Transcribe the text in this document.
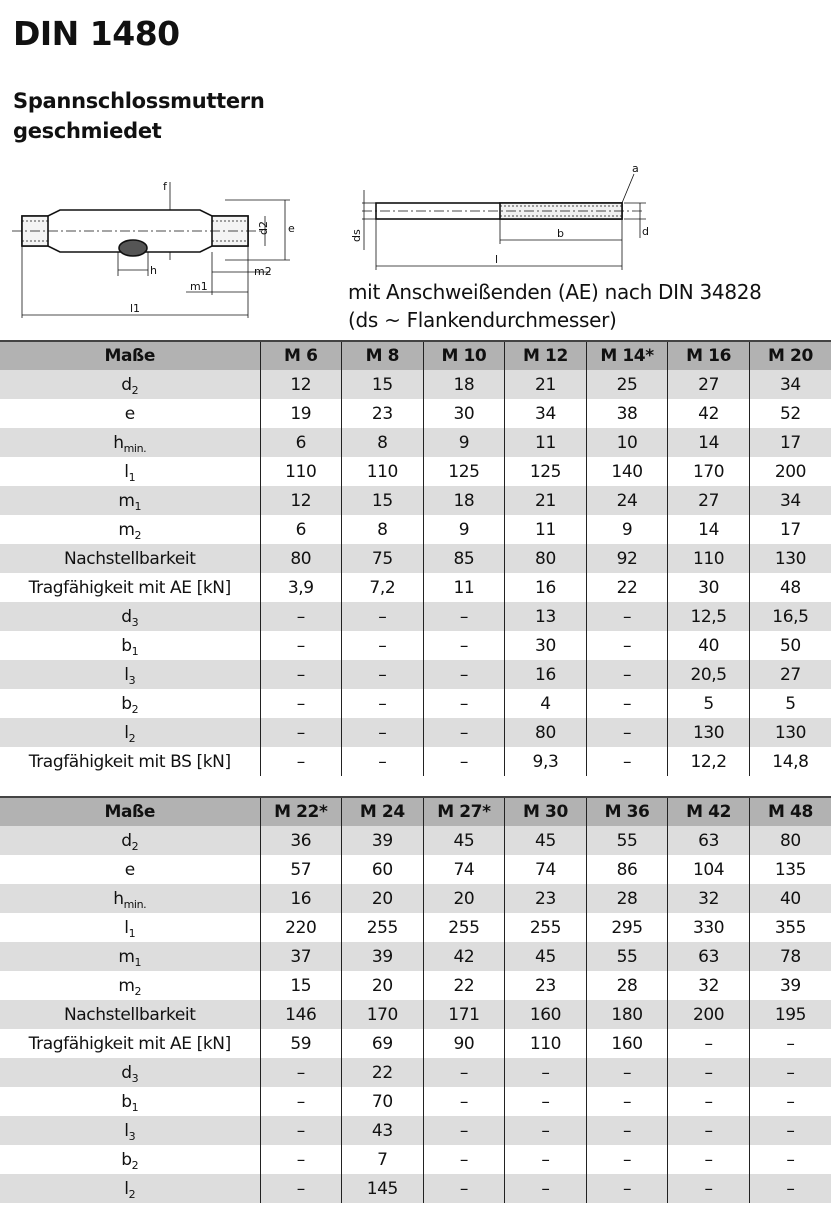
DIN 1480
Spannschlossmuttern
geschmiedet
f
d2 e
h	m2
m1
l1
a
ds	b	d
l
mit Anschweißenden (AE) nach DIN 34828
(ds ~ Flankendurchmesser)
Maße	M 6	M 8	M 10	M 12	M 14*	M 16	M 20
$d_2$	12	15	18	21	25	27	34
e	19	23	30	34	38	42	52
$h_{min.}$	6	8	9	11	10	14	17
$l_1$	110	110	125	125	140	170	200
$m_1$	12	15	18	21	24	27	34
$m_2$	6	8	9	11	9	14	17
Nachstellbarkeit	80	75	85	80	92	110	130
Tragfähigkeit mit AE [kN]	3,9	7,2	11	16	22	30	48
$d_3$	–	–	–	13	–	12,5	16,5
$b_1$	–	–	–	30	–	40	50
$l_3$	–	–	–	16	–	20,5	27
$b_2$	–	–	–	4	–	5	5
$l_2$	–	–	–	80	–	130	130
Tragfähigkeit mit BS [kN]	–	–	–	9,3	–	12,2	14,8
Maße	M 22*	M 24	M 27*	M 30	M 36	M 42	M 48
$d_2$	36	39	45	45	55	63	80
e	57	60	74	74	86	104	135
$h_{min.}$	16	20	20	23	28	32	40
$l_1$	220	255	255	255	295	330	355
$m_1$	37	39	42	45	55	63	78
$m_2$	15	20	22	23	28	32	39
Nachstellbarkeit	146	170	171	160	180	200	195
Tragfähigkeit mit AE [kN]	59	69	90	110	160	–	–
$d_3$	–	22	–	–	–	–	–
$b_1$	–	70	–	–	–	–	–
$l_3$	–	43	–	–	–	–	–
$b_2$	–	7	–	–	–	–	–
$l_2$	–	145	–	–	–	–	–
